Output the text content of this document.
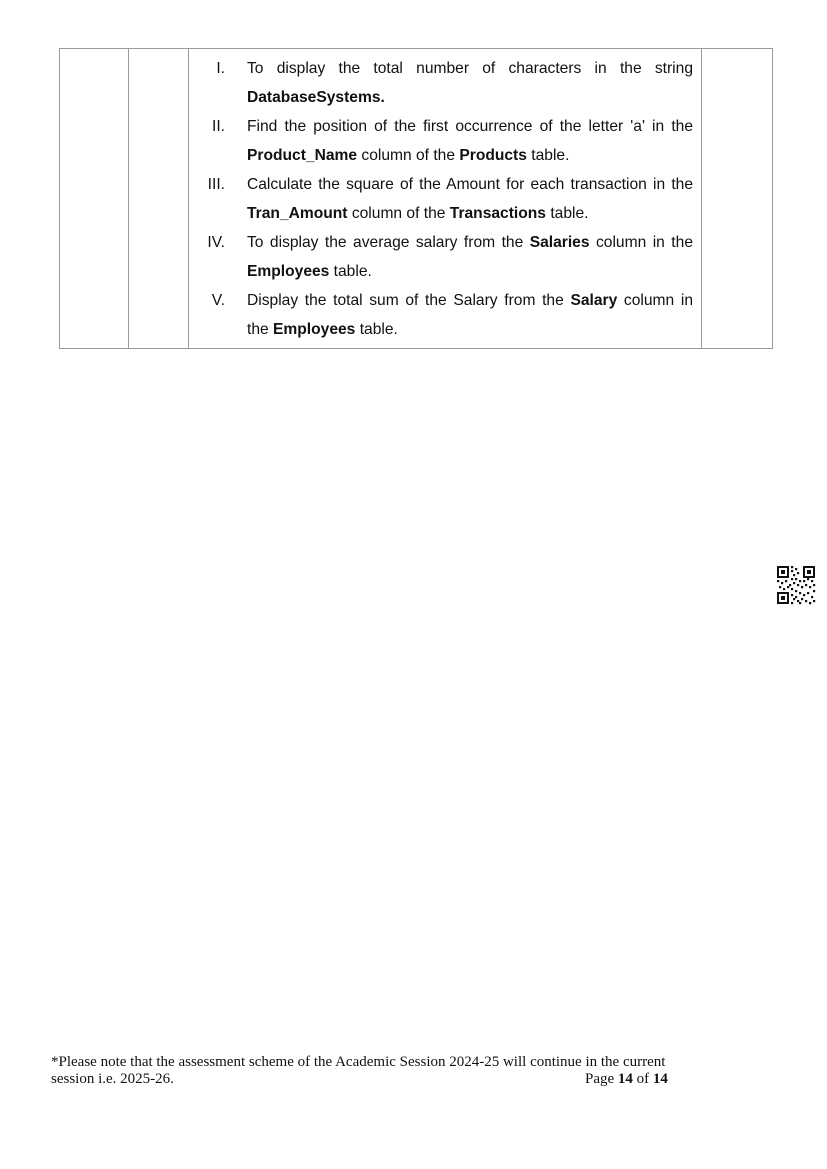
I. To display the total number of characters in the string DatabaseSystems.
II. Find the position of the first occurrence of the letter 'a' in the Product_Name column of the Products table.
III. Calculate the square of the Amount for each transaction in the Tran_Amount column of the Transactions table.
IV. To display the average salary from the Salaries column in the Employees table.
V. Display the total sum of the Salary from the Salary column in the Employees table.

*Please note that the assessment scheme of the Academic Session 2024-25 will continue in the current
session i.e. 2025-26.	Page 14 of 14
